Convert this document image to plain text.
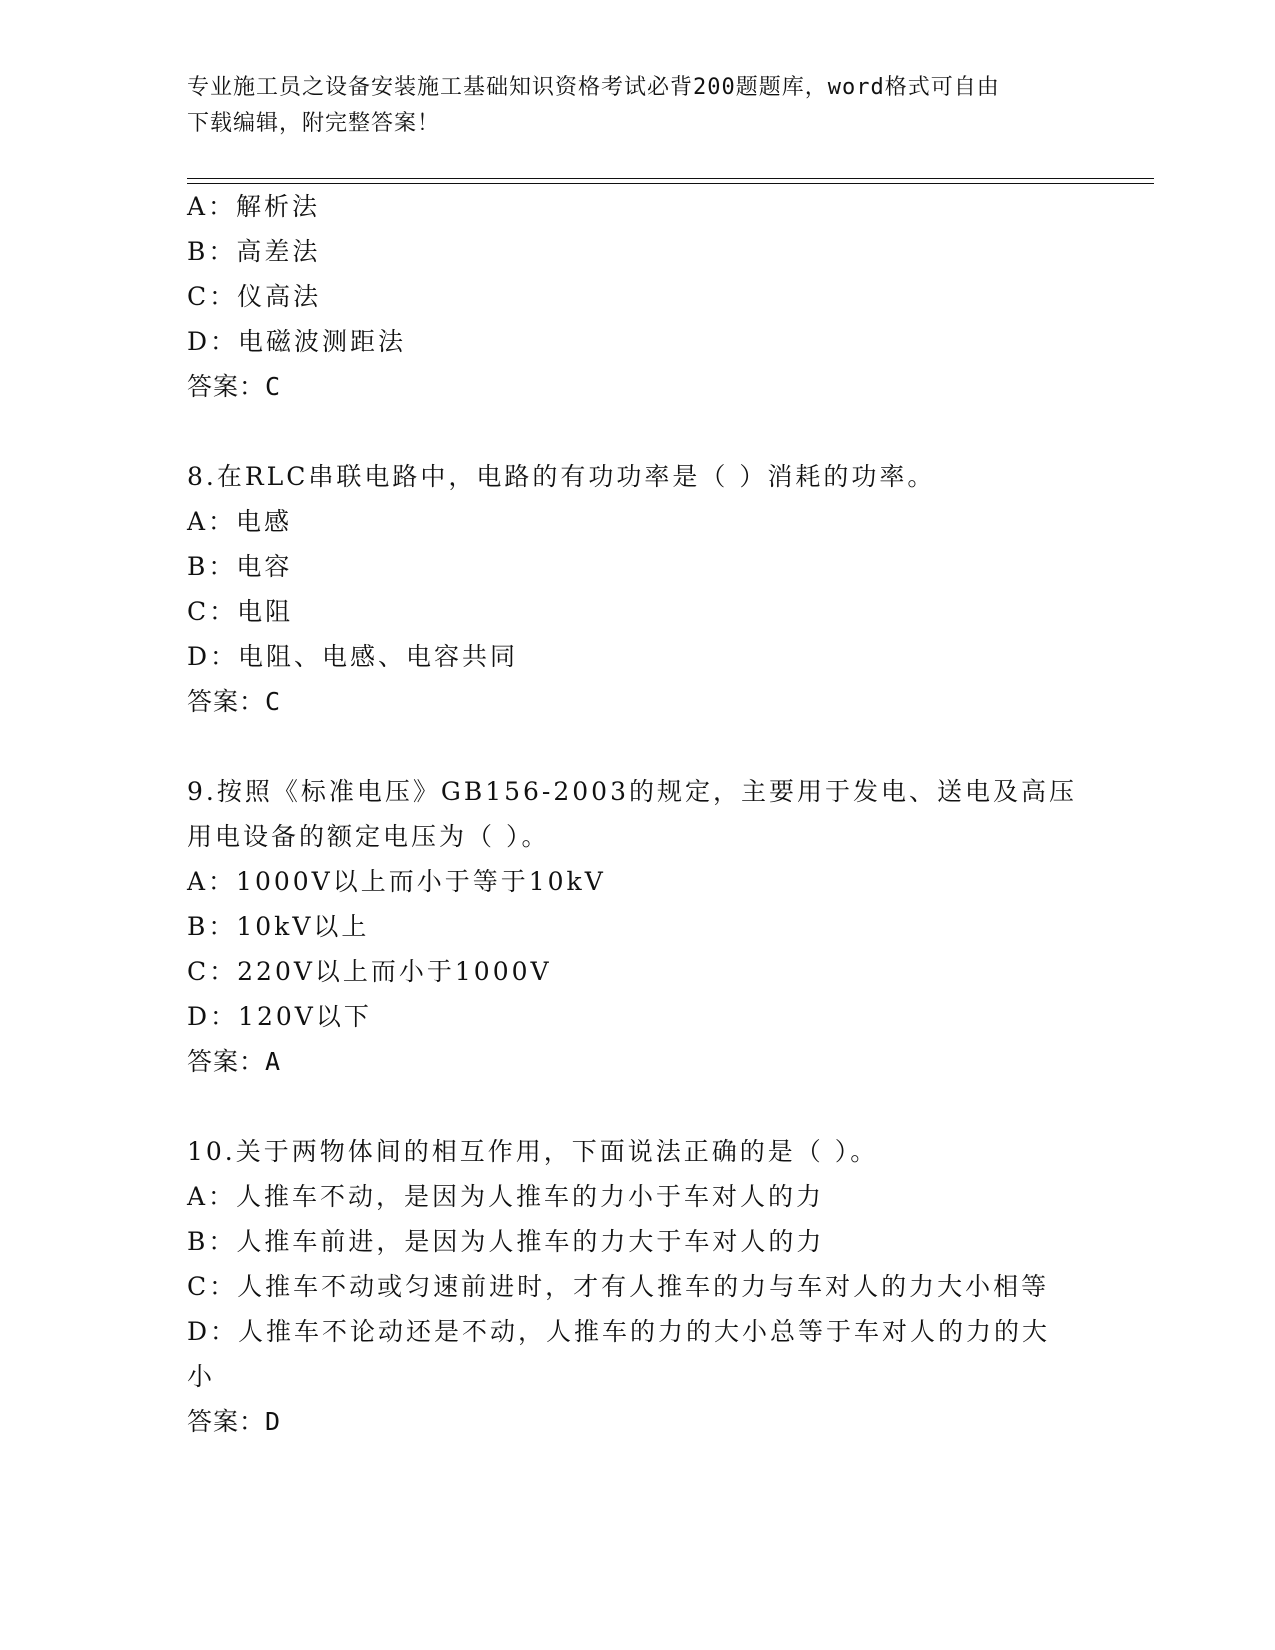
专业施工员之设备安装施工基础知识资格考试必背200题题库，word格式可自由
下载编辑，附完整答案！
A：解析法
B：高差法
C：仪高法
D：电磁波测距法
答案：C
8.在RLC串联电路中，电路的有功功率是（ ）消耗的功率。
A：电感
B：电容
C：电阻
D：电阻、电感、电容共同
答案：C
9.按照《标准电压》GB156-2003的规定，主要用于发电、送电及高压
用电设备的额定电压为（ ）。
A：1000V以上而小于等于10kV
B：10kV以上
C：220V以上而小于1000V
D：120V以下
答案：A
10.关于两物体间的相互作用，下面说法正确的是（ ）。
A：人推车不动，是因为人推车的力小于车对人的力
B：人推车前进，是因为人推车的力大于车对人的力
C：人推车不动或匀速前进时，才有人推车的力与车对人的力大小相等
D：人推车不论动还是不动，人推车的力的大小总等于车对人的力的大
小
答案：D
